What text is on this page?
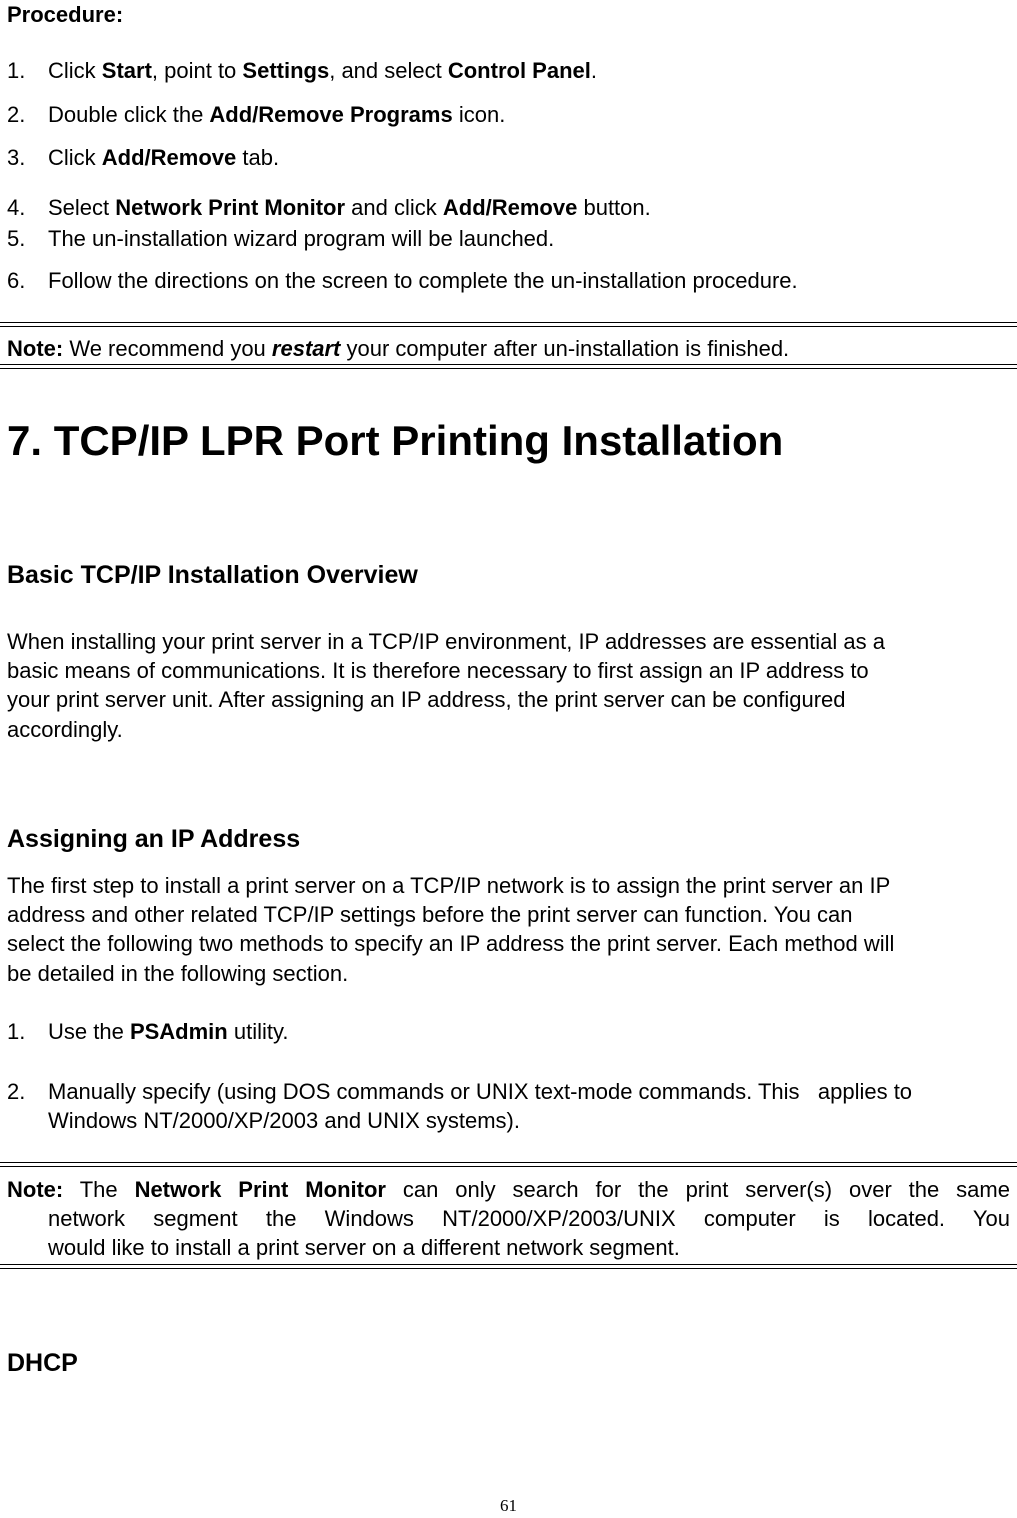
Procedure:
1.	Click Start, point to Settings, and select Control Panel.
2.	Double click the Add/Remove Programs icon.
3.	Click Add/Remove tab.
4.	Select Network Print Monitor and click Add/Remove button.
5.	The un-installation wizard program will be launched.
6.	Follow the directions on the screen to complete the un-installation procedure.
Note: We recommend you restart your computer after un-installation is finished.
7. TCP/IP LPR Port Printing Installation
Basic TCP/IP Installation Overview
When installing your print server in a TCP/IP environment, IP addresses are essential as a
basic means of communications. It is therefore necessary to first assign an IP address to
your print server unit. After assigning an IP address, the print server can be configured
accordingly.
Assigning an IP Address
The first step to install a print server on a TCP/IP network is to assign the print server an IP
address and other related TCP/IP settings before the print server can function. You can
select the following two methods to specify an IP address the print server. Each method will
be detailed in the following section.
1.	Use the PSAdmin utility.
2.	Manually specify (using DOS commands or UNIX text-mode commands. This   applies to
Windows NT/2000/XP/2003 and UNIX systems).
Note: The Network Print Monitor can only search for the print server(s) over the same
network segment the Windows NT/2000/XP/2003/UNIX computer is located. You
would like to install a print server on a different network segment.
DHCP
61
